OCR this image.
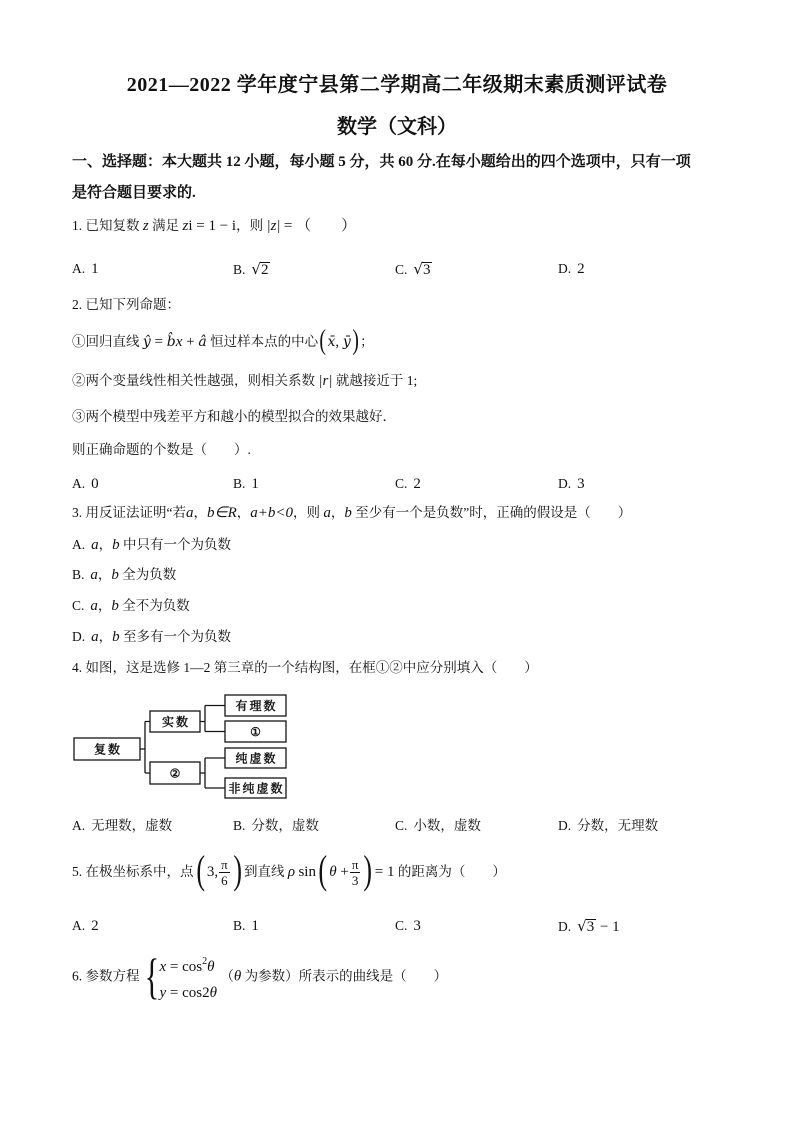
2021—2022 学年度宁县第二学期高二年级期末素质测评试卷
数学（文科）
一、选择题：本大题共 12 小题，每小题 5 分，共 60 分.在每小题给出的四个选项中，只有一项
是符合题目要求的.
1. 已知复数 z 满足 zi = 1 − i，则 |z| = （　　）
A. 1	B. √2	C. √3	D. 2
2. 已知下列命题：
①回归直线 ŷ = b̂x + â 恒过样本点的中心(x̄, ȳ)；
②两个变量线性相关性越强，则相关系数 |r| 就越接近于 1;
③两个模型中残差平方和越小的模型拟合的效果越好．
则正确命题的个数是（　　）.
A. 0	B. 1	C. 2	D. 3
3. 用反证法证明“若a，b∈R，a+b<0，则 a，b 至少有一个是负数”时，正确的假设是（　　）
A. a，b 中只有一个为负数
B. a，b 全为负数
C. a，b 全不为负数
D. a，b 至多有一个为负数
4. 如图，这是选修 1—2 第三章的一个结构图，在框①②中应分别填入（　　）
复数
实数
②
有理数
①
纯虚数
非纯虚数
A. 无理数，虚数	B. 分数，虚数	C. 小数，虚数	D. 分数，无理数
5. 在极坐标系中，点( 3, $\frac{\pi}{6}$ ) 到直线 ρ sin( $\theta + \frac{\pi}{3}$ ) = 1 的距离为（　　）
A. 2	B. 1	C. 3	D. √3 − 1
6. 参数方程{ $x = \cos^2\theta$
y = cos2θ
（θ 为参数）所表示的曲线是（　　）
